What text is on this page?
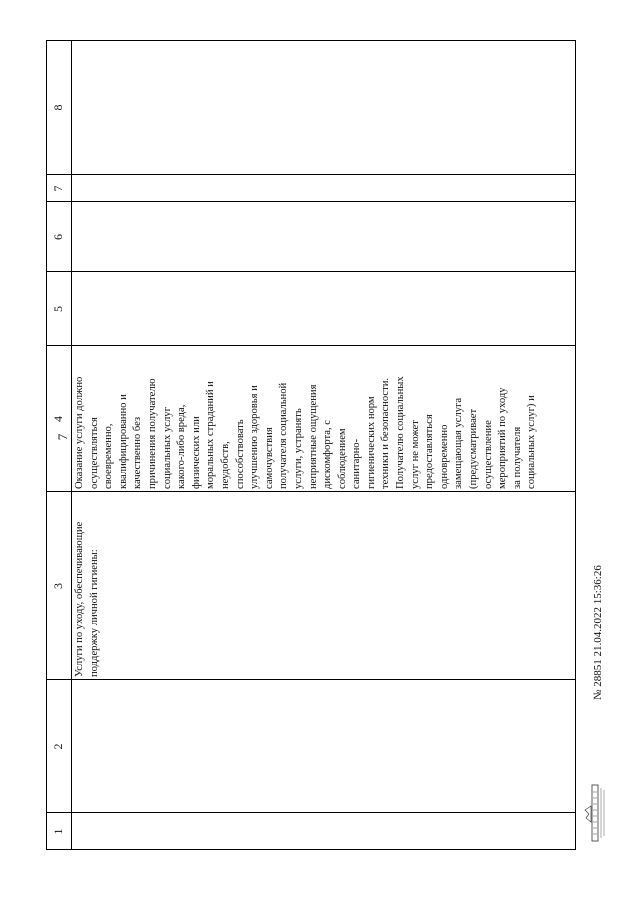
7
1
2
3
4
5
6
7
8
Услуги по уходу, обеспечивающие
поддержку личной гигиены:
Оказание услуги должно
осуществляться
своевременно,
квалифицированно и
качественно без
причинения получателю
социальных услуг
какого-либо вреда,
физических или
моральных страданий и
неудобств,
способствовать
улучшению здоровья и
самочувствия
получателя социальной
услуги, устранять
неприятные ощущения
дискомфорта, с
соблюдением
санитарно-
гигиенических норм
техники и безопасности.
Получателю социальных
услуг не может
предоставляться
одновременно
замещающая услуга
(предусматривает
осуществление
мероприятий по уходу
за получателя
социальных услуг) и
№ 28851 21.04.2022 15:36:26
